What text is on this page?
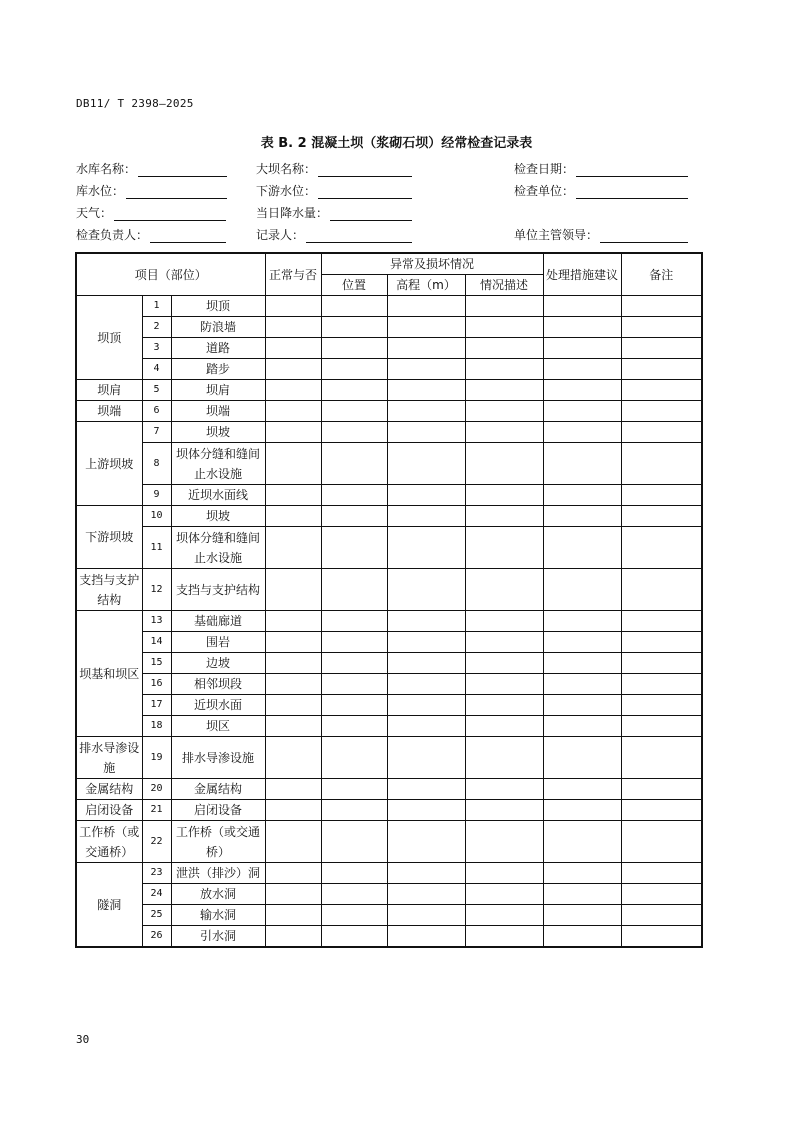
DB11/ T 2398—2025
表 B. 2 混凝土坝（浆砌石坝）经常检查记录表
水库名称：	大坝名称：	检查日期：
库水位：	下游水位：	检查单位：
天气：	当日降水量：
检查负责人：	记录人：	单位主管领导：
项目（部位）			正常与否	异常及损坏情况			处理措施建议	备注
				位置	高程（m）	情况描述		
坝顶	1	坝顶						
	2	防浪墙						
	3	道路						
	4	踏步						
坝肩	5	坝肩						
坝端	6	坝端						
上游坝坡	7	坝坡						
	8	坝体分缝和缝间止水设施						
	9	近坝水面线						
下游坝坡	10	坝坡						
	11	坝体分缝和缝间止水设施						
支挡与支护结构	12	支挡与支护结构						
坝基和坝区	13	基础廊道						
	14	围岩						
	15	边坡						
	16	相邻坝段						
	17	近坝水面						
	18	坝区						
排水导渗设施	19	排水导渗设施						
金属结构	20	金属结构						
启闭设备	21	启闭设备						
工作桥（或交通桥）	22	工作桥（或交通桥）						
隧洞	23	泄洪（排沙）洞						
	24	放水洞						
	25	输水洞						
	26	引水洞						
30
